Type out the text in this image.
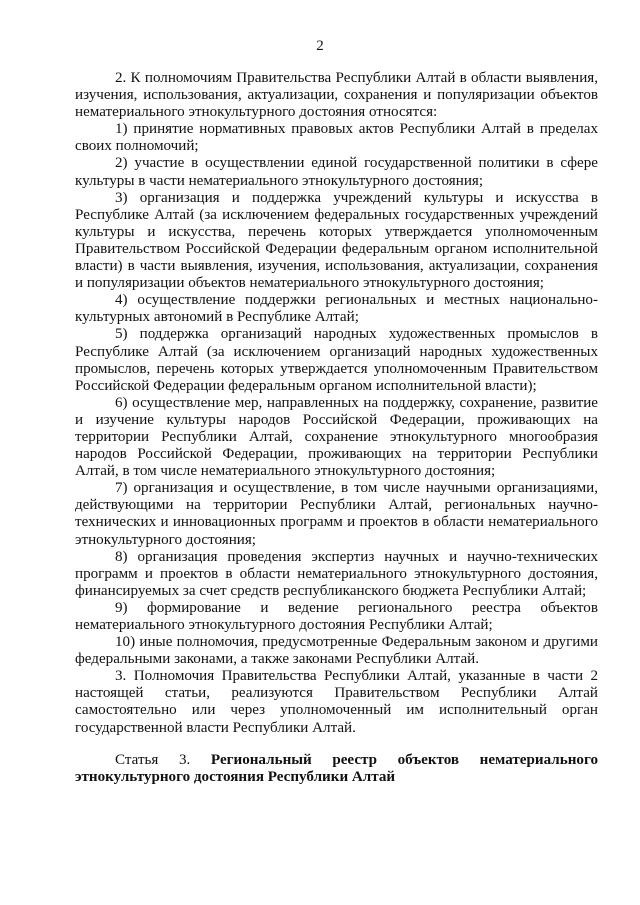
2

2. К полномочиям Правительства Республики Алтай в области выявления, изучения, использования, актуализации, сохранения и популяризации объектов нематериального этнокультурного достояния относятся:

1) принятие нормативных правовых актов Республики Алтай в пределах своих полномочий;

2) участие в осуществлении единой государственной политики в сфере культуры в части нематериального этнокультурного достояния;

3) организация и поддержка учреждений культуры и искусства в Республике Алтай (за исключением федеральных государственных учреждений культуры и искусства, перечень которых утверждается уполномоченным Правительством Российской Федерации федеральным органом исполнительной власти) в части выявления, изучения, использования, актуализации, сохранения и популяризации объектов нематериального этнокультурного достояния;

4) осуществление поддержки региональных и местных национально-культурных автономий в Республике Алтай;

5) поддержка организаций народных художественных промыслов в Республике Алтай (за исключением организаций народных художественных промыслов, перечень которых утверждается уполномоченным Правительством Российской Федерации федеральным органом исполнительной власти);

6) осуществление мер, направленных на поддержку, сохранение, развитие и изучение культуры народов Российской Федерации, проживающих на территории Республики Алтай, сохранение этнокультурного многообразия народов Российской Федерации, проживающих на территории Республики Алтай, в том числе нематериального этнокультурного достояния;

7) организация и осуществление, в том числе научными организациями, действующими на территории Республики Алтай, региональных научно-технических и инновационных программ и проектов в области нематериального этнокультурного достояния;

8) организация проведения экспертиз научных и научно-технических программ и проектов в области нематериального этнокультурного достояния, финансируемых за счет средств республиканского бюджета Республики Алтай;

9) формирование и ведение регионального реестра объектов нематериального этнокультурного достояния Республики Алтай;

10) иные полномочия, предусмотренные Федеральным законом и другими федеральными законами, а также законами Республики Алтай.

3. Полномочия Правительства Республики Алтай, указанные в части 2 настоящей статьи, реализуются Правительством Республики Алтай самостоятельно или через уполномоченный им исполнительный орган государственной власти Республики Алтай.

Статья 3. Региональный реестр объектов нематериального этнокультурного достояния Республики Алтай
